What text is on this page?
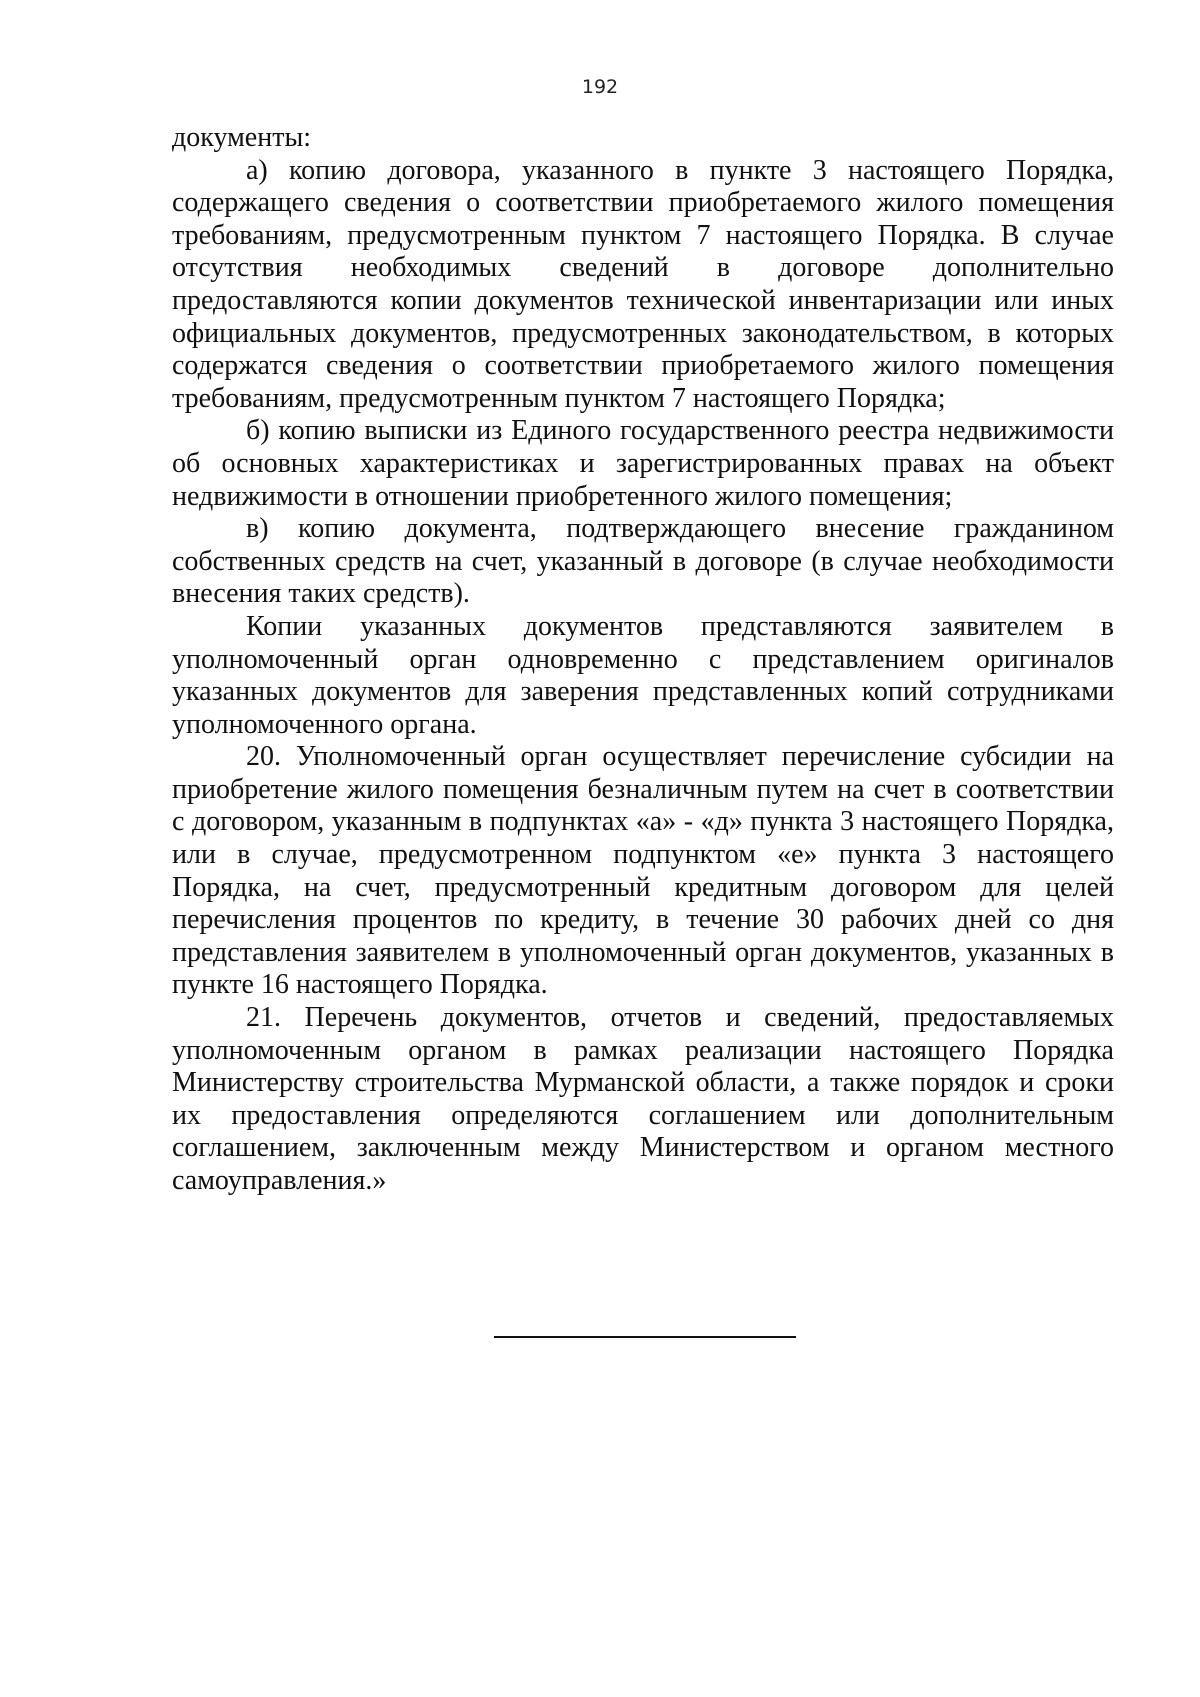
192

документы:

а) копию договора, указанного в пункте 3 настоящего Порядка, содержащего сведения о соответствии приобретаемого жилого помещения требованиям, предусмотренным пунктом 7 настоящего Порядка. В случае отсутствия необходимых сведений в договоре дополнительно предоставляются копии документов технической инвентаризации или иных официальных документов, предусмотренных законодательством, в которых содержатся сведения о соответствии приобретаемого жилого помещения требованиям, предусмотренным пунктом 7 настоящего Порядка;

б) копию выписки из Единого государственного реестра недвижимости об основных характеристиках и зарегистрированных правах на объект недвижимости в отношении приобретенного жилого помещения;

в) копию документа, подтверждающего внесение гражданином собственных средств на счет, указанный в договоре (в случае необходимости внесения таких средств).

Копии указанных документов представляются заявителем в уполномоченный орган одновременно с представлением оригиналов указанных документов для заверения представленных копий сотрудниками уполномоченного органа.

20. Уполномоченный орган осуществляет перечисление субсидии на приобретение жилого помещения безналичным путем на счет в соответствии с договором, указанным в подпунктах «а» - «д» пункта 3 настоящего Порядка, или в случае, предусмотренном подпунктом «е» пункта 3 настоящего Порядка, на счет, предусмотренный кредитным договором для целей перечисления процентов по кредиту, в течение 30 рабочих дней со дня представления заявителем в уполномоченный орган документов, указанных в пункте 16 настоящего Порядка.

21. Перечень документов, отчетов и сведений, предоставляемых уполномоченным органом в рамках реализации настоящего Порядка Министерству строительства Мурманской области, а также порядок и сроки их предоставления определяются соглашением или дополнительным соглашением, заключенным между Министерством и органом местного самоуправления.»
